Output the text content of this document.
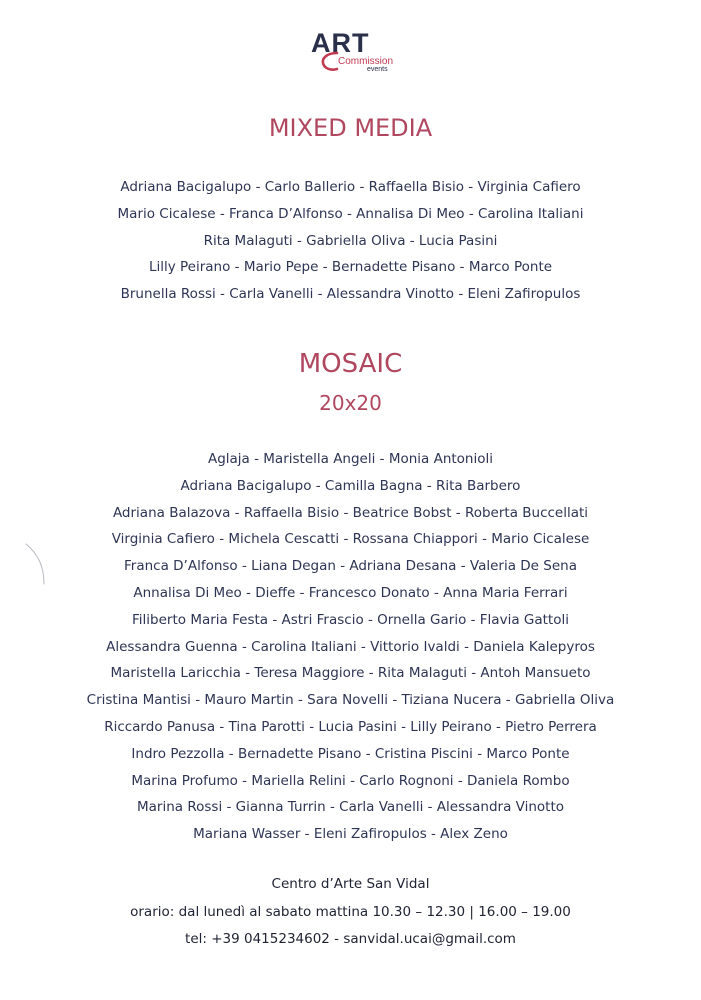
ART
Commission
events
MIXED MEDIA
Adriana Bacigalupo - Carlo Ballerio - Raffaella Bisio - Virginia Cafiero
Mario Cicalese - Franca D’Alfonso - Annalisa Di Meo - Carolina Italiani
Rita Malaguti - Gabriella Oliva - Lucia Pasini
Lilly Peirano - Mario Pepe - Bernadette Pisano - Marco Ponte
Brunella Rossi - Carla Vanelli - Alessandra Vinotto - Eleni Zafiropulos
MOSAIC
20x20
Aglaja - Maristella Angeli - Monia Antonioli
Adriana Bacigalupo - Camilla Bagna - Rita Barbero
Adriana Balazova - Raffaella Bisio - Beatrice Bobst - Roberta Buccellati
Virginia Cafiero - Michela Cescatti - Rossana Chiappori - Mario Cicalese
Franca D’Alfonso - Liana Degan - Adriana Desana - Valeria De Sena
Annalisa Di Meo - Dieffe - Francesco Donato - Anna Maria Ferrari
Filiberto Maria Festa - Astri Frascio - Ornella Gario - Flavia Gattoli
Alessandra Guenna - Carolina Italiani - Vittorio Ivaldi - Daniela Kalepyros
Maristella Laricchia - Teresa Maggiore - Rita Malaguti - Antoh Mansueto
Cristina Mantisi - Mauro Martin - Sara Novelli - Tiziana Nucera - Gabriella Oliva
Riccardo Panusa - Tina Parotti - Lucia Pasini - Lilly Peirano - Pietro Perrera
Indro Pezzolla - Bernadette Pisano - Cristina Piscini - Marco Ponte
Marina Profumo - Mariella Relini - Carlo Rognoni - Daniela Rombo
Marina Rossi - Gianna Turrin - Carla Vanelli - Alessandra Vinotto
Mariana Wasser - Eleni Zafiropulos - Alex Zeno

Centro d’Arte San Vidal

orario: dal lunedì al sabato mattina 10.30 – 12.30 | 16.00 – 19.00

tel: +39 0415234602 - sanvidal.ucai@gmail.com
